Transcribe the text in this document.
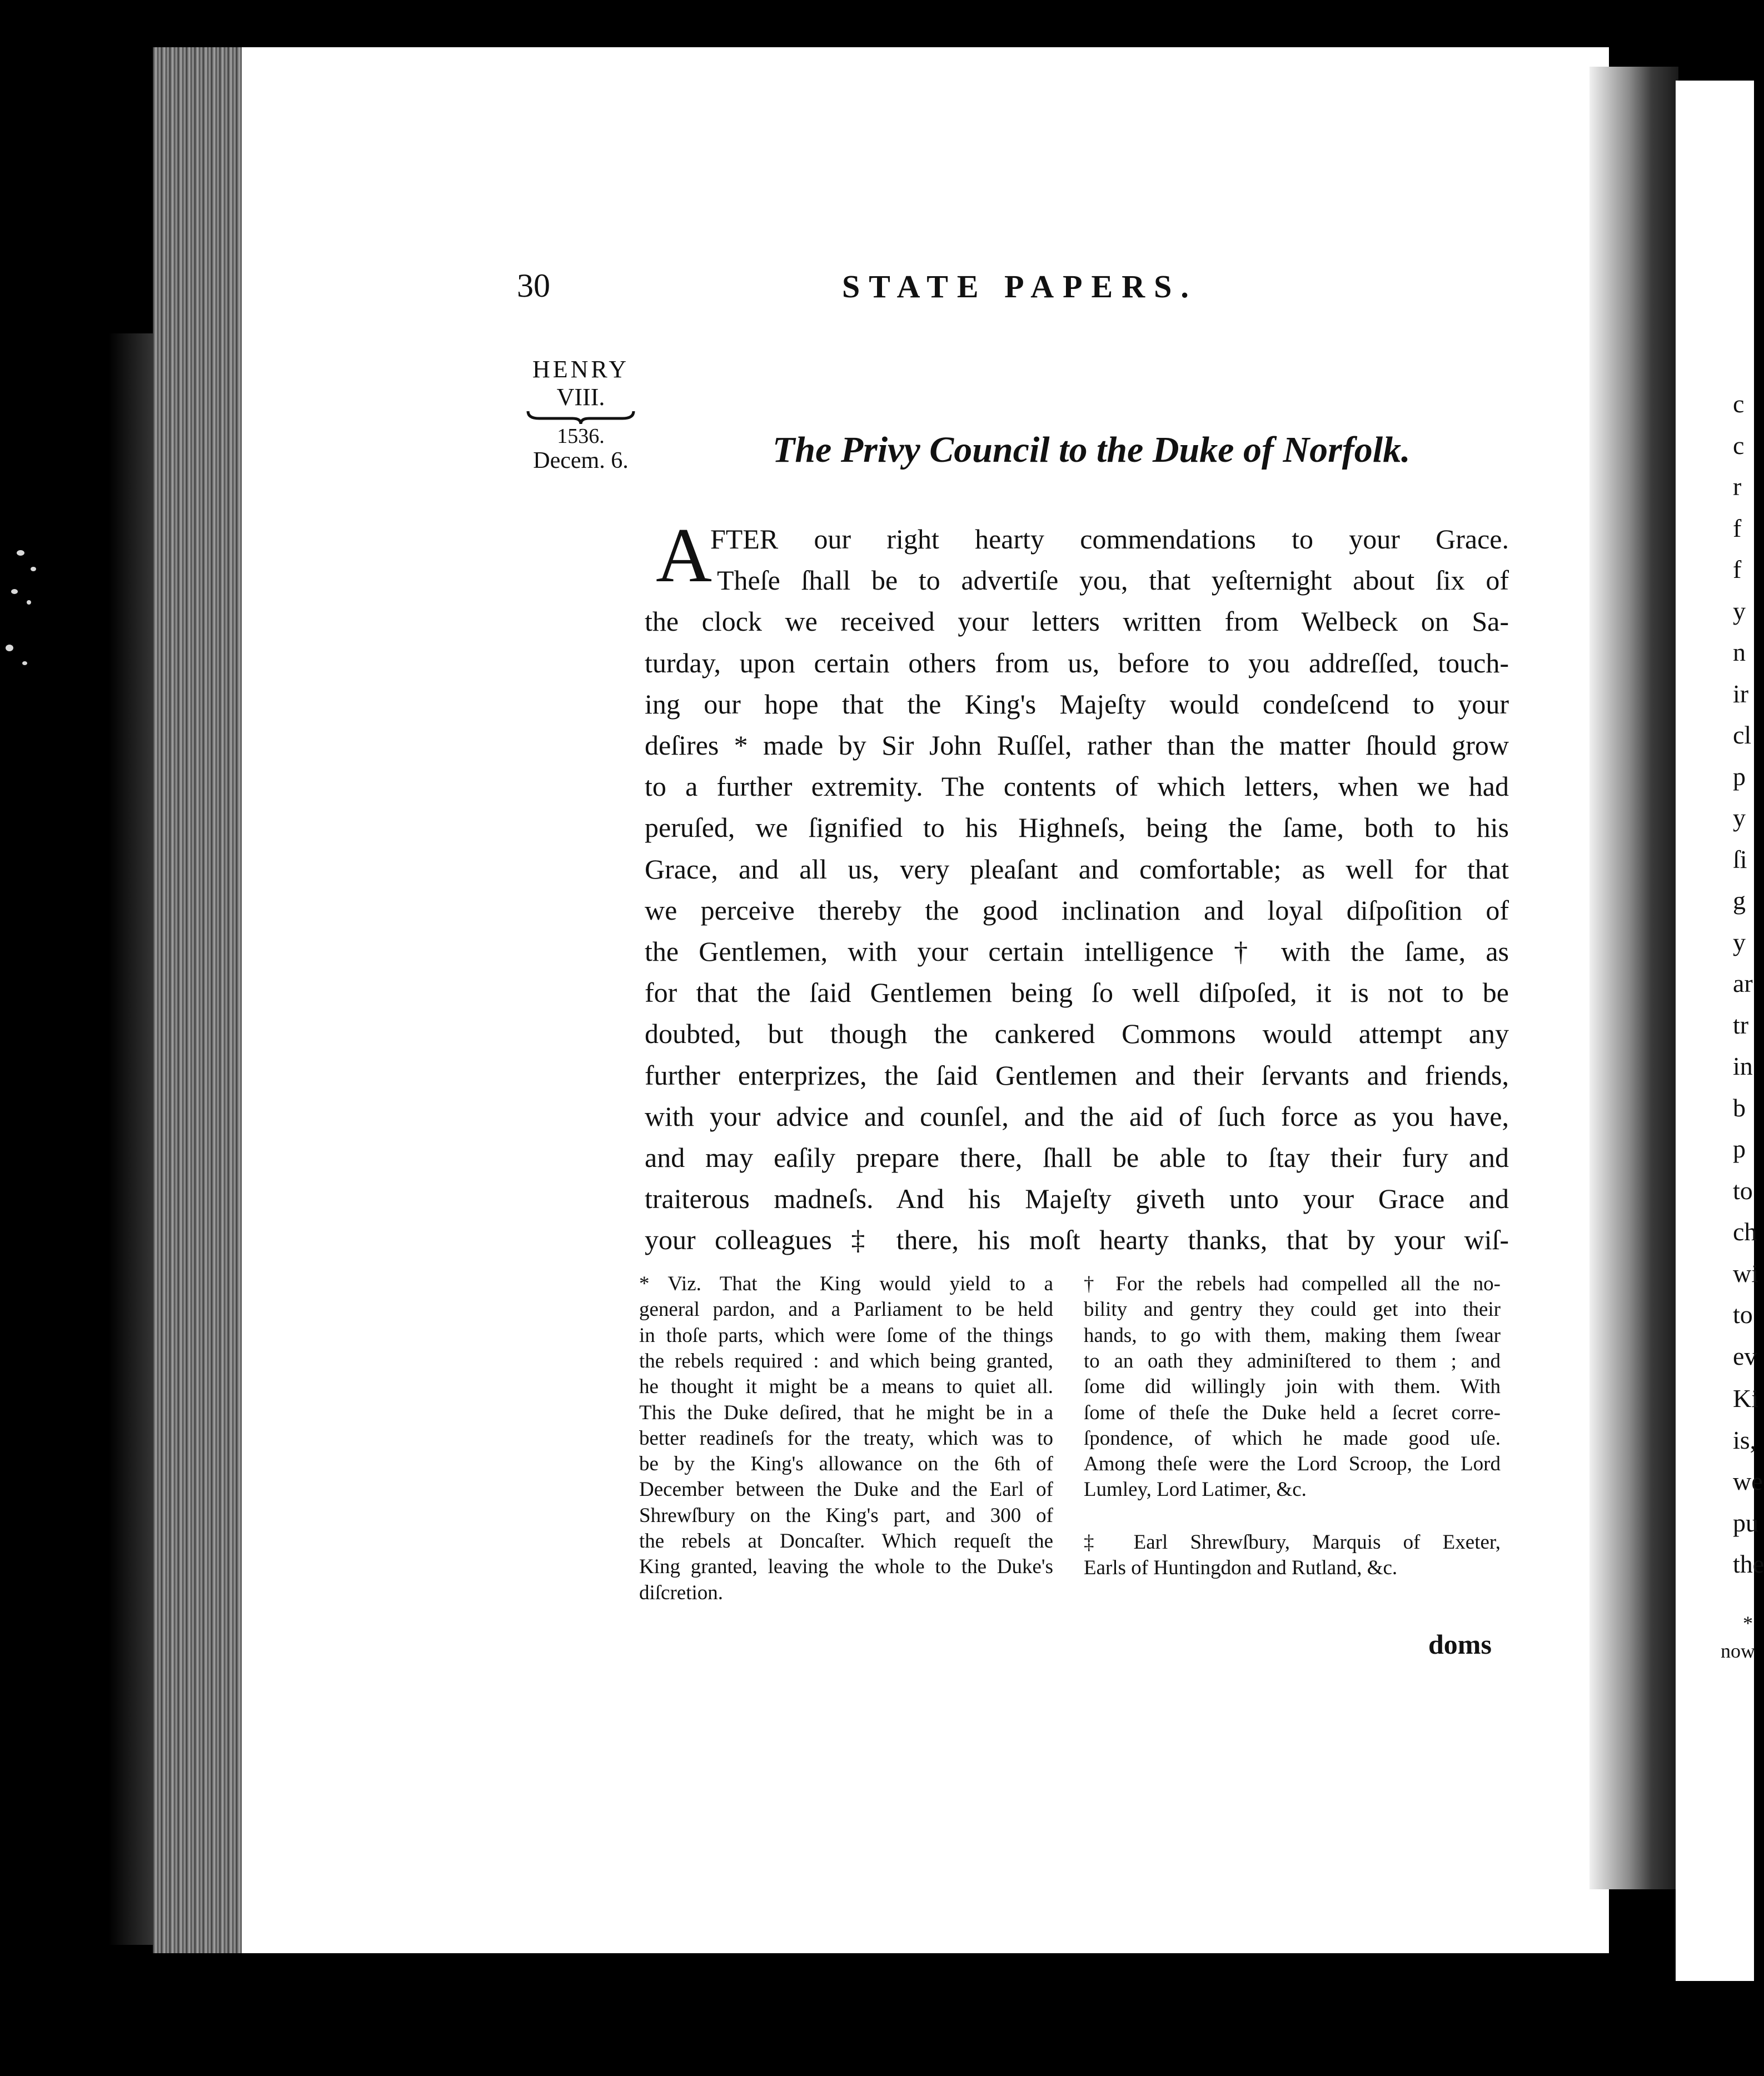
30	STATE PAPERS.
HENRY
VIII.
1536.
Decem. 6.	The Privy Council to the Duke of Norfolk.
A
FTER our right hearty commendations to your Grace.
Theſe ſhall be to advertiſe you, that yeſternight about ſix of
the clock we received your letters written from Welbeck on Sa-
turday, upon certain others from us, before to you addreſſed, touch-
ing our hope that the King's Majeſty would condeſcend to your
deſires * made by Sir John Ruſſel, rather than the matter ſhould grow
to a further extremity. The contents of which letters, when we had
peruſed, we ſignified to his Highneſs, being the ſame, both to his
Grace, and all us, very pleaſant and comfortable; as well for that
we perceive thereby the good inclination and loyal diſpoſition of
the Gentlemen, with your certain intelligence † with the ſame, as
for that the ſaid Gentlemen being ſo well diſpoſed, it is not to be
doubted, but though the cankered Commons would attempt any
further enterprizes, the ſaid Gentlemen and their ſervants and friends,
with your advice and counſel, and the aid of ſuch force as you have,
and may eaſily prepare there, ſhall be able to ſtay their fury and
traiterous madneſs. And his Majeſty giveth unto your Grace and
your colleagues ‡ there, his moſt hearty thanks, that by your wiſ-
* Viz. That the King would yield to a
general pardon, and a Parliament to be held
in thoſe parts, which were ſome of the things
the rebels required : and which being granted,
he thought it might be a means to quiet all.
This the Duke deſired, that he might be in a
better readineſs for the treaty, which was to
be by the King's allowance on the 6th of
December between the Duke and the Earl of
Shrewſbury on the King's part, and 300 of
the rebels at Doncaſter. Which requeſt the
King granted, leaving the whole to the Duke's
diſcretion.
† For the rebels had compelled all the no-
bility and gentry they could get into their
hands, to go with them, making them ſwear
to an oath they adminiſtered to them ; and
ſome did willingly join with them. With
ſome of theſe the Duke held a ſecret corre-
ſpondence, of which he made good uſe.
Among theſe were the Lord Scroop, the Lord
Lumley, Lord Latimer, &c.
‡ Earl Shrewſbury, Marquis of Exeter,
Earls of Huntingdon and Rutland, &c.
doms
c
c
r
f
f
y
n
ir
cl
p
y
ſi
g
y
ar
tr
in
b
p
to
ch
wi
to
ev
Ki
is,
we
pu
the
*
now
